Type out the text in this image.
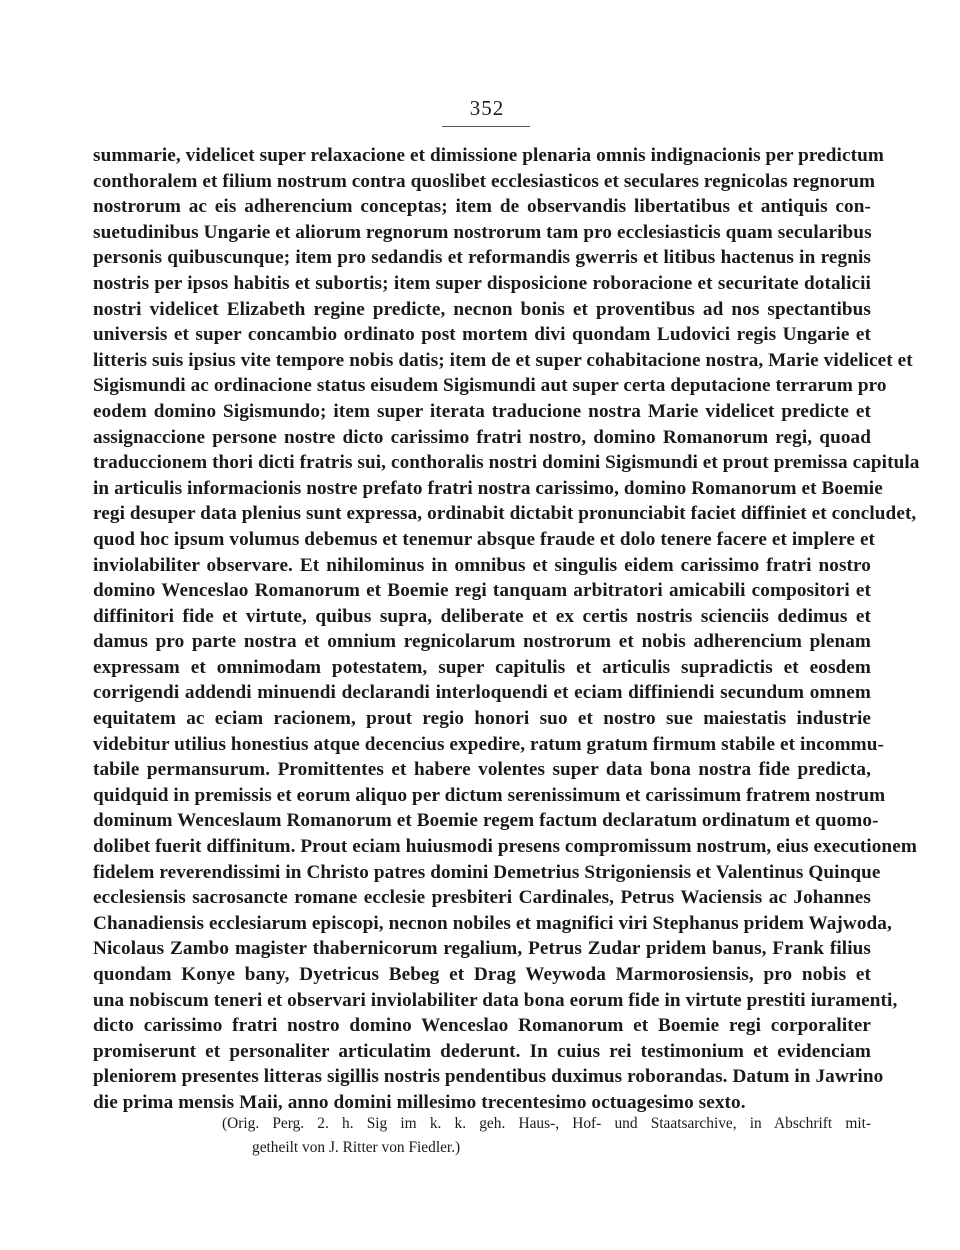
352
summarie, videlicet super relaxacione et dimissione plenaria omnis indignacionis per predictum
conthoralem et filium nostrum contra quoslibet ecclesiasticos et seculares regnicolas regnorum
nostrorum ac eis adherencium conceptas; item de observandis libertatibus et antiquis con-
suetudinibus Ungarie et aliorum regnorum nostrorum tam pro ecclesiasticis quam secularibus
personis quibuscunque; item pro sedandis et reformandis gwerris et litibus hactenus in regnis
nostris per ipsos habitis et subortis; item super disposicione roboracione et securitate dotalicii
nostri videlicet Elizabeth regine predicte, necnon bonis et proventibus ad nos spectantibus
universis et super concambio ordinato post mortem divi quondam Ludovici regis Ungarie et
litteris suis ipsius vite tempore nobis datis; item de et super cohabitacione nostra, Marie videlicet et
Sigismundi ac ordinacione status eisudem Sigismundi aut super certa deputacione terrarum pro
eodem domino Sigismundo; item super iterata traducione nostra Marie videlicet predicte et
assignaccione persone nostre dicto carissimo fratri nostro, domino Romanorum regi, quoad
traduccionem thori dicti fratris sui, conthoralis nostri domini Sigismundi et prout premissa capitula
in articulis informacionis nostre prefato fratri nostra carissimo, domino Romanorum et Boemie
regi desuper data plenius sunt expressa, ordinabit dictabit pronunciabit faciet diffiniet et concludet,
quod hoc ipsum volumus debemus et tenemur absque fraude et dolo tenere facere et implere et
inviolabiliter observare. Et nihilominus in omnibus et singulis eidem carissimo fratri nostro
domino Wenceslao Romanorum et Boemie regi tanquam arbitratori amicabili compositori et
diffinitori fide et virtute, quibus supra, deliberate et ex certis nostris scienciis dedimus et
damus pro parte nostra et omnium regnicolarum nostrorum et nobis adherencium plenam
expressam et omnimodam potestatem, super capitulis et articulis supradictis et eosdem
corrigendi addendi minuendi declarandi interloquendi et eciam diffiniendi secundum omnem
equitatem ac eciam racionem, prout regio honori suo et nostro sue maiestatis industrie
videbitur utilius honestius atque decencius expedire, ratum gratum firmum stabile et incommu-
tabile permansurum. Promittentes et habere volentes super data bona nostra fide predicta,
quidquid in premissis et eorum aliquo per dictum serenissimum et carissimum fratrem nostrum
dominum Wenceslaum Romanorum et Boemie regem factum declaratum ordinatum et quomo-
dolibet fuerit diffinitum. Prout eciam huiusmodi presens compromissum nostrum, eius executionem
fidelem reverendissimi in Christo patres domini Demetrius Strigoniensis et Valentinus Quinque
ecclesiensis sacrosancte romane ecclesie presbiteri Cardinales, Petrus Waciensis ac Johannes
Chanadiensis ecclesiarum episcopi, necnon nobiles et magnifici viri Stephanus pridem Wajwoda,
Nicolaus Zambo magister thabernicorum regalium, Petrus Zudar pridem banus, Frank filius
quondam Konye bany, Dyetricus Bebeg et Drag Weywoda Marmorosiensis, pro nobis et
una nobiscum teneri et observari inviolabiliter data bona eorum fide in virtute prestiti iuramenti,
dicto carissimo fratri nostro domino Wenceslao Romanorum et Boemie regi corporaliter
promiserunt et personaliter articulatim dederunt. In cuius rei testimonium et evidenciam
pleniorem presentes litteras sigillis nostris pendentibus duximus roborandas. Datum in Jawrino
die prima mensis Maii, anno domini millesimo trecentesimo octuagesimo sexto.
(Orig. Perg. 2. h. Sig im k. k. geh. Haus-, Hof- und Staatsarchive, in Abschrift mit-
getheilt von J. Ritter von Fiedler.)
